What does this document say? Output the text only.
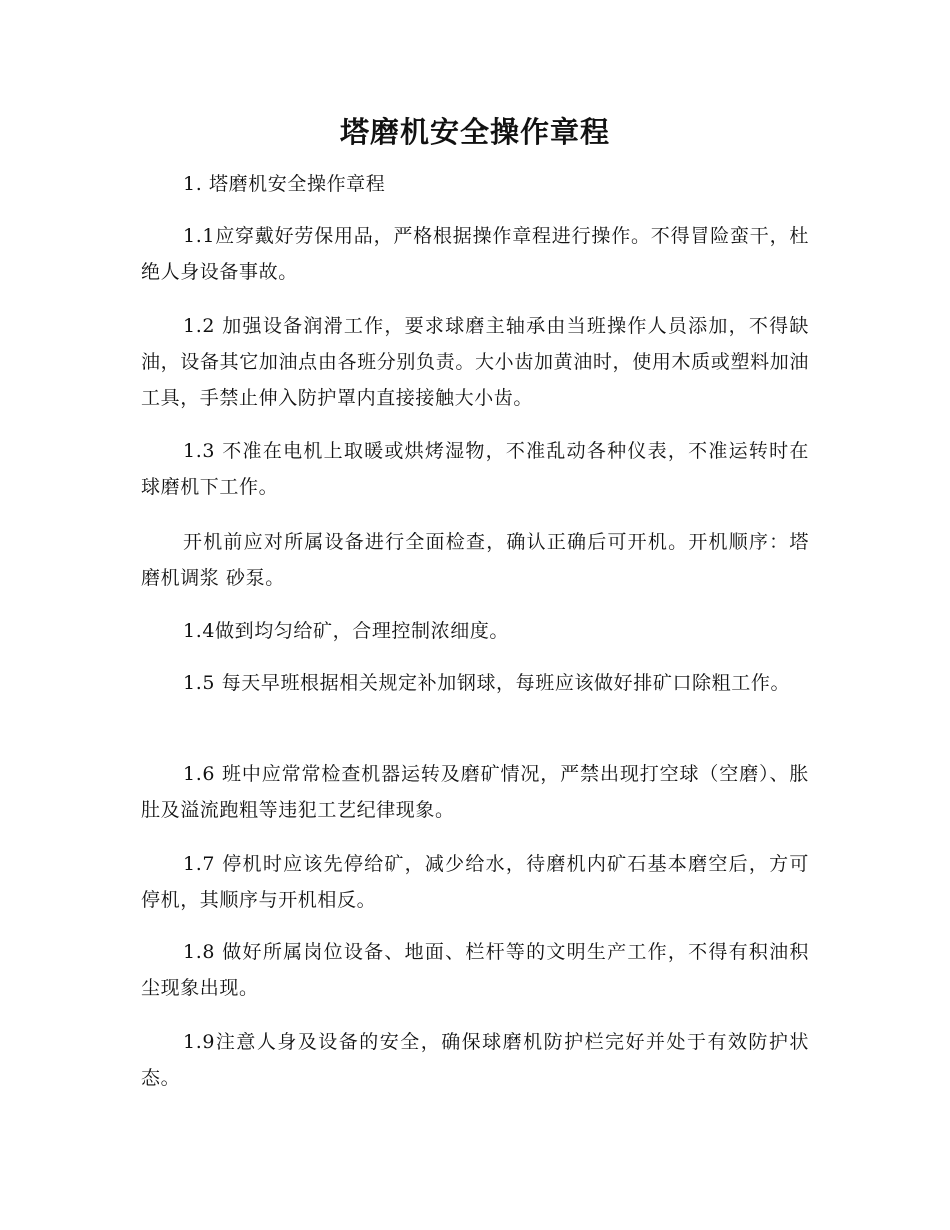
塔磨机安全操作章程

1. 塔磨机安全操作章程

1.1应穿戴好劳保用品，严格根据操作章程进行操作。不得冒险蛮干，杜绝人身设备事故。

1.2 加强设备润滑工作，要求球磨主轴承由当班操作人员添加，不得缺油，设备其它加油点由各班分别负责。大小齿加黄油时，使用木质或塑料加油工具，手禁止伸入防护罩内直接接触大小齿。

1.3 不准在电机上取暖或烘烤湿物，不准乱动各种仪表，不准运转时在球磨机下工作。

开机前应对所属设备进行全面检查，确认正确后可开机。开机顺序：塔磨机调浆 砂泵。

1.4做到均匀给矿，合理控制浓细度。

1.5 每天早班根据相关规定补加钢球，每班应该做好排矿口除粗工作。

1.6 班中应常常检查机器运转及磨矿情况，严禁出现打空球（空磨）、胀肚及溢流跑粗等违犯工艺纪律现象。

1.7 停机时应该先停给矿，减少给水，待磨机内矿石基本磨空后，方可停机，其顺序与开机相反。

1.8 做好所属岗位设备、地面、栏杆等的文明生产工作，不得有积油积尘现象出现。

1.9注意人身及设备的安全，确保球磨机防护栏完好并处于有效防护状态。
